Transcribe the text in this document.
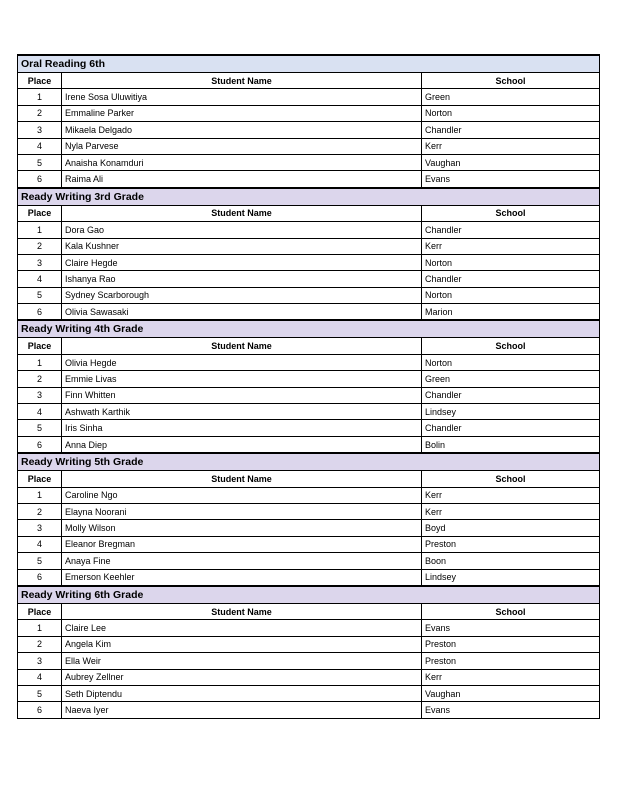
Oral Reading 6th		
Place	Student Name	School
1	Irene Sosa Uluwitiya	Green
2	Emmaline Parker	Norton
3	Mikaela Delgado	Chandler
4	Nyla Parvese	Kerr
5	Anaisha Konamduri	Vaughan
6	Raima Ali	Evans
Ready Writing 3rd Grade		
Place	Student Name	School
1	Dora Gao	Chandler
2	Kala Kushner	Kerr
3	Claire Hegde	Norton
4	Ishanya Rao	Chandler
5	Sydney Scarborough	Norton
6	Olivia Sawasaki	Marion
Ready Writing 4th Grade		
Place	Student Name	School
1	Olivia Hegde	Norton
2	Emmie Livas	Green
3	Finn Whitten	Chandler
4	Ashwath Karthik	Lindsey
5	Iris Sinha	Chandler
6	Anna Diep	Bolin
Ready Writing 5th Grade		
Place	Student Name	School
1	Caroline Ngo	Kerr
2	Elayna Noorani	Kerr
3	Molly Wilson	Boyd
4	Eleanor Bregman	Preston
5	Anaya Fine	Boon
6	Emerson Keehler	Lindsey
Ready Writing 6th Grade		
Place	Student Name	School
1	Claire Lee	Evans
2	Angela Kim	Preston
3	Ella Weir	Preston
4	Aubrey Zellner	Kerr
5	Seth Diptendu	Vaughan
6	Naeva Iyer	Evans
